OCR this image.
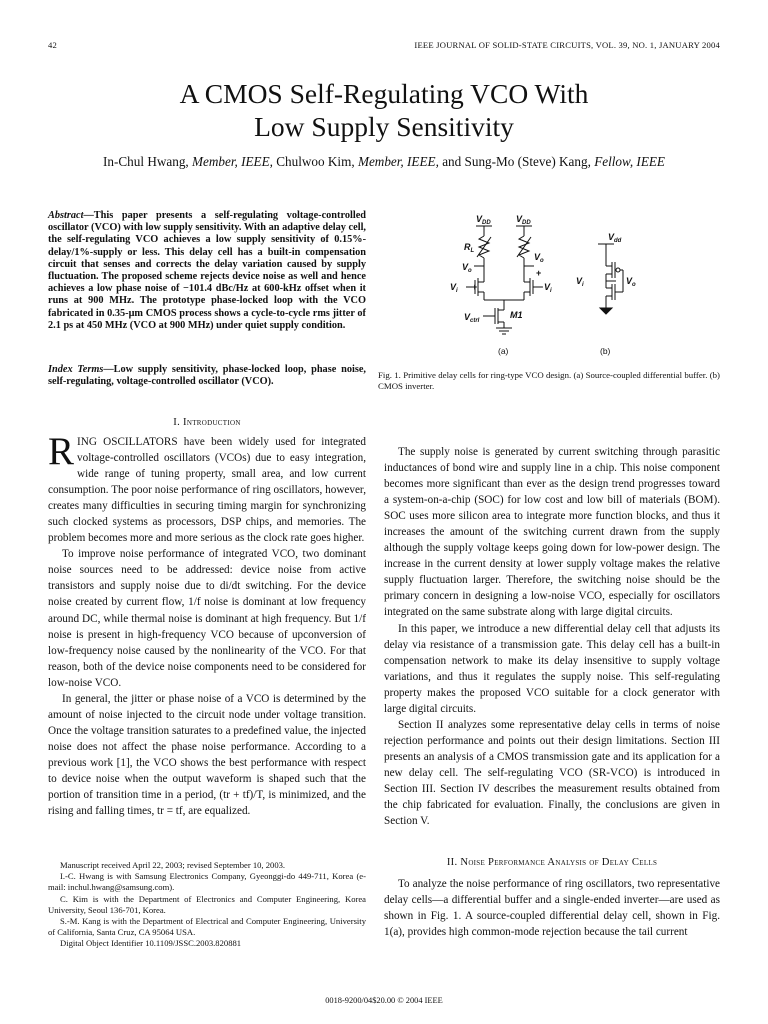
42	IEEE JOURNAL OF SOLID-STATE CIRCUITS, VOL. 39, NO. 1, JANUARY 2004
A CMOS Self-Regulating VCO With
Low Supply Sensitivity
In-Chul Hwang, Member, IEEE, Chulwoo Kim, Member, IEEE, and Sung-Mo (Steve) Kang, Fellow, IEEE
Abstract—This paper presents a self-regulating voltage-controlled oscillator (VCO) with low supply sensitivity. With an adaptive delay cell, the self-regulating VCO achieves a low supply sensitivity of 0.15%-delay/1%-supply or less. This delay cell has a built-in compensation circuit that senses and corrects the delay variation caused by supply fluctuation. The proposed scheme rejects device noise as well and hence achieves a low phase noise of −101.4 dBc/Hz at 600-kHz offset when it runs at 900 MHz. The prototype phase-locked loop with the VCO fabricated in 0.35-μm CMOS process shows a cycle-to-cycle rms jitter of 2.1 ps at 450 MHz (VCO at 900 MHz) under quiet supply condition.
Index Terms—Low supply sensitivity, phase-locked loop, phase noise, self-regulating, voltage-controlled oscillator (VCO).
$V_{DD}$	$V_{DD}$
$R_L$
$V_o$
$V_o$
$V_i$	$V_i$
$V_{ctrl}$
M1
$V_{dd}$
$V_i$	$V_o$
+
+
−
(a)	(b)
Fig. 1. Primitive delay cells for ring-type VCO design. (a) Source-coupled differential buffer. (b) CMOS inverter.
I. Introduction

RING OSCILLATORS have been widely used for integrated voltage-controlled oscillators (VCOs) due to easy integration, wide range of tuning property, small area, and low current consumption. The poor noise performance of ring oscillators, however, creates many difficulties in securing timing margin for synchronizing such clocked systems as processors, DSP chips, and memories. The problem becomes more and more serious as the clock rate goes higher.

To improve noise performance of integrated VCO, two dominant noise sources need to be addressed: device noise from active transistors and supply noise due to di/dt switching. For the device noise created by current flow, 1/f noise is dominant at low frequency around DC, while thermal noise is dominant at high frequency. But 1/f noise is present in high-frequency VCO because of upconversion of low-frequency noise caused by the nonlinearity of the VCO. For that reason, both of the device noise components need to be considered for low-noise VCO.

In general, the jitter or phase noise of a VCO is determined by the amount of noise injected to the circuit node under voltage transition. Once the voltage transition saturates to a predefined value, the injected noise does not affect the phase noise performance. According to a previous work [1], the VCO shows the best performance with respect to device noise when the output waveform is shaped such that the portion of transition time in a period, (tr + tf)/T, is minimized, and the rising and falling times, tr = tf, are equalized.

Manuscript received April 22, 2003; revised September 10, 2003.
I.-C. Hwang is with Samsung Electronics Company, Gyeonggi-do 449-711, Korea (e-mail: inchul.hwang@samsung.com).
C. Kim is with the Department of Electronics and Computer Engineering, Korea University, Seoul 136-701, Korea.
S.-M. Kang is with the Department of Electrical and Computer Engineering, University of California, Santa Cruz, CA 95064 USA.
Digital Object Identifier 10.1109/JSSC.2003.820881

The supply noise is generated by current switching through parasitic inductances of bond wire and supply line in a chip. This noise component becomes more significant than ever as the design trend progresses toward a system-on-a-chip (SOC) for low cost and low bill of materials (BOM). SOC uses more silicon area to integrate more function blocks, and thus it increases the amount of the switching current drawn from the supply although the supply voltage keeps going down for low-power design. The increase in the current density at lower supply voltage makes the relative supply fluctuation larger. Therefore, the switching noise should be the primary concern in designing a low-noise VCO, especially for oscillators integrated on the same substrate along with large digital circuits.

In this paper, we introduce a new differential delay cell that adjusts its delay via resistance of a transmission gate. This delay cell has a built-in compensation network to make its delay insensitive to supply voltage variations, and thus it regulates the supply noise. This self-regulating property makes the proposed VCO suitable for a clock generator with large digital circuits.

Section II analyzes some representative delay cells in terms of noise rejection performance and points out their design limitations. Section III presents an analysis of a CMOS transmission gate and its application for a new delay cell. The self-regulating VCO (SR-VCO) is introduced in Section III. Section IV describes the measurement results obtained from the chip fabricated for evaluation. Finally, the conclusions are given in Section V.

II. Noise Performance Analysis of Delay Cells

To analyze the noise performance of ring oscillators, two representative delay cells—a differential buffer and a single-ended inverter—are used as shown in Fig. 1. A source-coupled differential delay cell, shown in Fig. 1(a), provides high common-mode rejection because the tail current

0018-9200/04$20.00 © 2004 IEEE
